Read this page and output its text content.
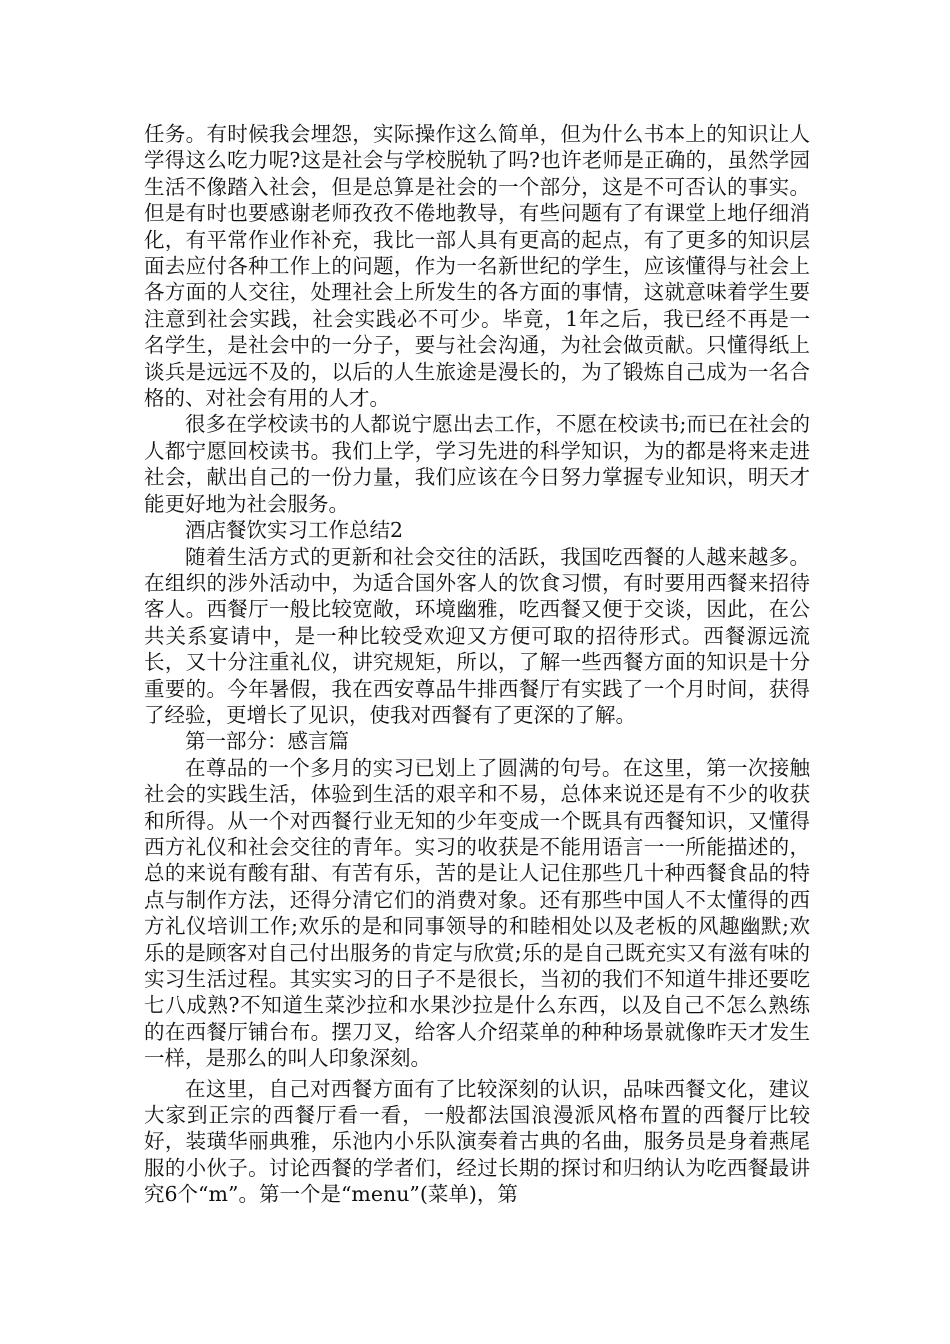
任务。有时候我会埋怨，实际操作这么简单，但为什么书本上的知识让人学得这么吃力呢?这是社会与学校脱轨了吗?也许老师是正确的，虽然学园生活不像踏入社会，但是总算是社会的一个部分，这是不可否认的事实。但是有时也要感谢老师孜孜不倦地教导，有些问题有了有课堂上地仔细消化，有平常作业作补充，我比一部人具有更高的起点，有了更多的知识层面去应付各种工作上的问题，作为一名新世纪的学生，应该懂得与社会上各方面的人交往，处理社会上所发生的各方面的事情，这就意味着学生要注意到社会实践，社会实践必不可少。毕竟，1年之后，我已经不再是一名学生，是社会中的一分子，要与社会沟通，为社会做贡献。只懂得纸上谈兵是远远不及的，以后的人生旅途是漫长的，为了锻炼自己成为一名合格的、对社会有用的人才。

很多在学校读书的人都说宁愿出去工作，不愿在校读书;而已在社会的人都宁愿回校读书。我们上学，学习先进的科学知识，为的都是将来走进社会，献出自己的一份力量，我们应该在今日努力掌握专业知识，明天才能更好地为社会服务。

酒店餐饮实习工作总结2

随着生活方式的更新和社会交往的活跃，我国吃西餐的人越来越多。在组织的涉外活动中，为适合国外客人的饮食习惯，有时要用西餐来招待客人。西餐厅一般比较宽敞，环境幽雅，吃西餐又便于交谈，因此，在公共关系宴请中，是一种比较受欢迎又方便可取的招待形式。西餐源远流长，又十分注重礼仪，讲究规矩，所以，了解一些西餐方面的知识是十分重要的。今年暑假，我在西安尊品牛排西餐厅有实践了一个月时间，获得了经验，更增长了见识，使我对西餐有了更深的了解。

第一部分：感言篇

在尊品的一个多月的实习已划上了圆满的句号。在这里，第一次接触社会的实践生活，体验到生活的艰辛和不易，总体来说还是有不少的收获和所得。从一个对西餐行业无知的少年变成一个既具有西餐知识，又懂得西方礼仪和社会交往的青年。实习的收获是不能用语言一一所能描述的，总的来说有酸有甜、有苦有乐，苦的是让人记住那些几十种西餐食品的特点与制作方法，还得分清它们的消费对象。还有那些中国人不太懂得的西方礼仪培训工作;欢乐的是和同事领导的和睦相处以及老板的风趣幽默;欢乐的是顾客对自己付出服务的肯定与欣赏;乐的是自己既充实又有滋有味的实习生活过程。其实实习的日子不是很长，当初的我们不知道牛排还要吃七八成熟?不知道生菜沙拉和水果沙拉是什么东西，以及自己不怎么熟练的在西餐厅铺台布。摆刀叉，给客人介绍菜单的种种场景就像昨天才发生一样，是那么的叫人印象深刻。

在这里，自己对西餐方面有了比较深刻的认识，品味西餐文化，建议大家到正宗的西餐厅看一看，一般都法国浪漫派风格布置的西餐厅比较好，装璜华丽典雅，乐池内小乐队演奏着古典的名曲，服务员是身着燕尾服的小伙子。讨论西餐的学者们，经过长期的探讨和归纳认为吃西餐最讲究6个“m”。第一个是“menu”(菜单)，第
